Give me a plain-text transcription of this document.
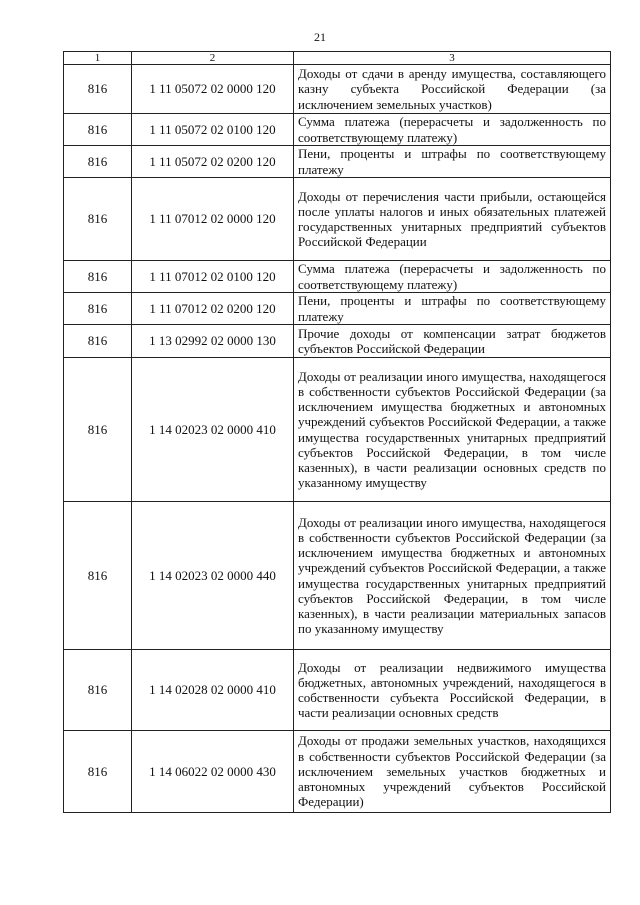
21
1	2	3
816	1 11 05072 02 0000 120	Доходы от сдачи в аренду имущества, составляющего казну субъекта Российской Федерации (за исключением земельных участков)
816	1 11 05072 02 0100 120	Сумма платежа (перерасчеты и задолженность по соответствующему платежу)
816	1 11 05072 02 0200 120	Пени, проценты и штрафы по соответствующему платежу
816	1 11 07012 02 0000 120	Доходы от перечисления части прибыли, остающейся после уплаты налогов и иных обязательных платежей государственных унитарных предприятий субъектов Российской Федерации
816	1 11 07012 02 0100 120	Сумма платежа (перерасчеты и задолженность по соответствующему платежу)
816	1 11 07012 02 0200 120	Пени, проценты и штрафы по соответствующему платежу
816	1 13 02992 02 0000 130	Прочие доходы от компенсации затрат бюджетов субъектов Российской Федерации
816	1 14 02023 02 0000 410	Доходы от реализации иного имущества, находящегося в собственности субъектов Российской Федерации (за исключением имущества бюджетных и автономных учреждений субъектов Российской Федерации, а также имущества государственных унитарных предприятий субъектов Российской Федерации, в том числе казенных), в части реализации основных средств по указанному имуществу
816	1 14 02023 02 0000 440	Доходы от реализации иного имущества, находящегося в собственности субъектов Российской Федерации (за исключением имущества бюджетных и автономных учреждений субъектов Российской Федерации, а также имущества государственных унитарных предприятий субъектов Российской Федерации, в том числе казенных), в части реализации материальных запасов по указанному имуществу
816	1 14 02028 02 0000 410	Доходы от реализации недвижимого имущества бюджетных, автономных учреждений, находящегося в собственности субъекта Российской Федерации, в части реализации основных средств
816	1 14 06022 02 0000 430	Доходы от продажи земельных участков, находящихся в собственности субъектов Российской Федерации (за исключением земельных участков бюджетных и автономных учреждений субъектов Российской Федерации)
